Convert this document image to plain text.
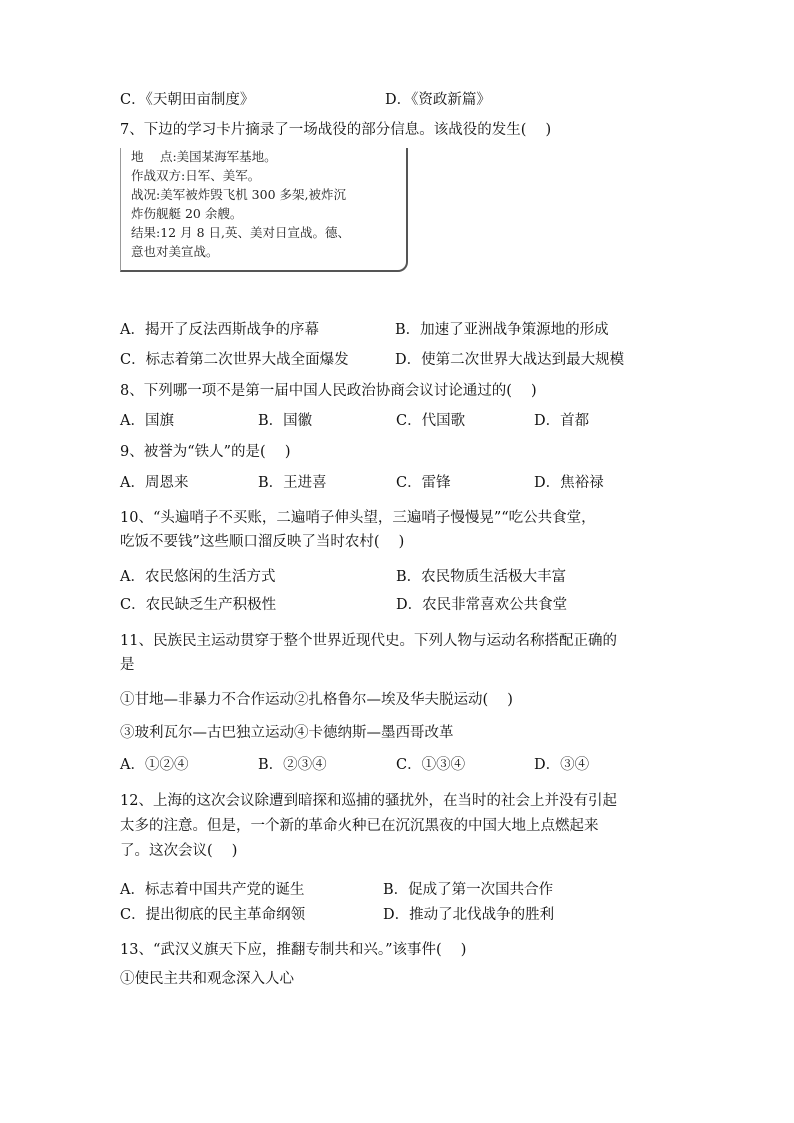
C．《天朝田亩制度》	D．《资政新篇》
7、下边的学习卡片摘录了一场战役的部分信息。该战役的发生(　 )
地　 点:美国某海军基地。
作战双方:日军、美军。
战况:美军被炸毁飞机 300 多架,被炸沉
炸伤舰艇 20 余艘。
结果:12 月 8 日,英、美对日宣战。德、
意也对美宣战。
A．揭开了反法西斯战争的序幕	B．加速了亚洲战争策源地的形成
C．标志着第二次世界大战全面爆发	D．使第二次世界大战达到最大规模
8、下列哪一项不是第一届中国人民政治协商会议讨论通过的(　 )
A．国旗	B．国徽	C．代国歌	D．首都
9、被誉为“铁人”的是(　 )
A．周恩来	B．王进喜	C．雷锋	D．焦裕禄
10、“头遍哨子不买账，二遍哨子伸头望，三遍哨子慢慢晃”“吃公共食堂，
吃饭不要钱”这些顺口溜反映了当时农村(　 )
A．农民悠闲的生活方式	B．农民物质生活极大丰富
C．农民缺乏生产积极性	D．农民非常喜欢公共食堂
11、民族民主运动贯穿于整个世界近现代史。下列人物与运动名称搭配正确的
是
①甘地—非暴力不合作运动②扎格鲁尔—埃及华夫脱运动(　 )
③玻利瓦尔—古巴独立运动④卡德纳斯—墨西哥改革
A．①②④	B．②③④	C．①③④	D．③④
12、上海的这次会议除遭到暗探和巡捕的骚扰外，在当时的社会上并没有引起
太多的注意。但是，一个新的革命火种已在沉沉黑夜的中国大地上点燃起来
了。这次会议(　 )
A．标志着中国共产党的诞生	B．促成了第一次国共合作
C．提出彻底的民主革命纲领	D．推动了北伐战争的胜利
13、“武汉义旗天下应，推翻专制共和兴。”该事件(　 )
①使民主共和观念深入人心
